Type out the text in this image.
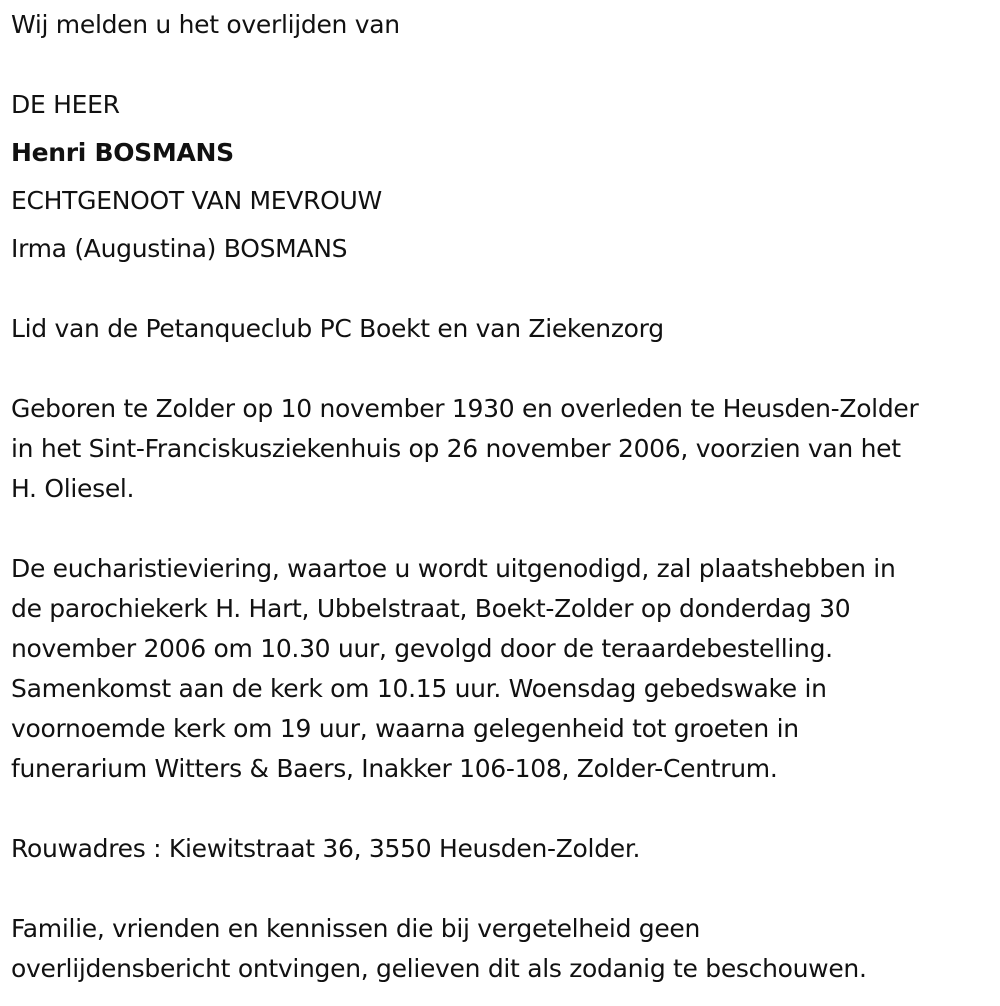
Wij melden u het overlijden van
DE HEER
Henri BOSMANS
ECHTGENOOT VAN MEVROUW
Irma (Augustina) BOSMANS
Lid van de Petanqueclub PC Boekt en van Ziekenzorg
Geboren te Zolder op 10 november 1930 en overleden te Heusden-Zolder
in het Sint-Franciskusziekenhuis op 26 november 2006, voorzien van het
H. Oliesel.
De eucharistieviering, waartoe u wordt uitgenodigd, zal plaatshebben in
de parochiekerk H. Hart, Ubbelstraat, Boekt-Zolder op donderdag 30
november 2006 om 10.30 uur, gevolgd door de teraardebestelling.
Samenkomst aan de kerk om 10.15 uur. Woensdag gebedswake in
voornoemde kerk om 19 uur, waarna gelegenheid tot groeten in
funerarium Witters & Baers, Inakker 106-108, Zolder-Centrum.
Rouwadres : Kiewitstraat 36, 3550 Heusden-Zolder.
Familie, vrienden en kennissen die bij vergetelheid geen
overlijdensbericht ontvingen, gelieven dit als zodanig te beschouwen.
